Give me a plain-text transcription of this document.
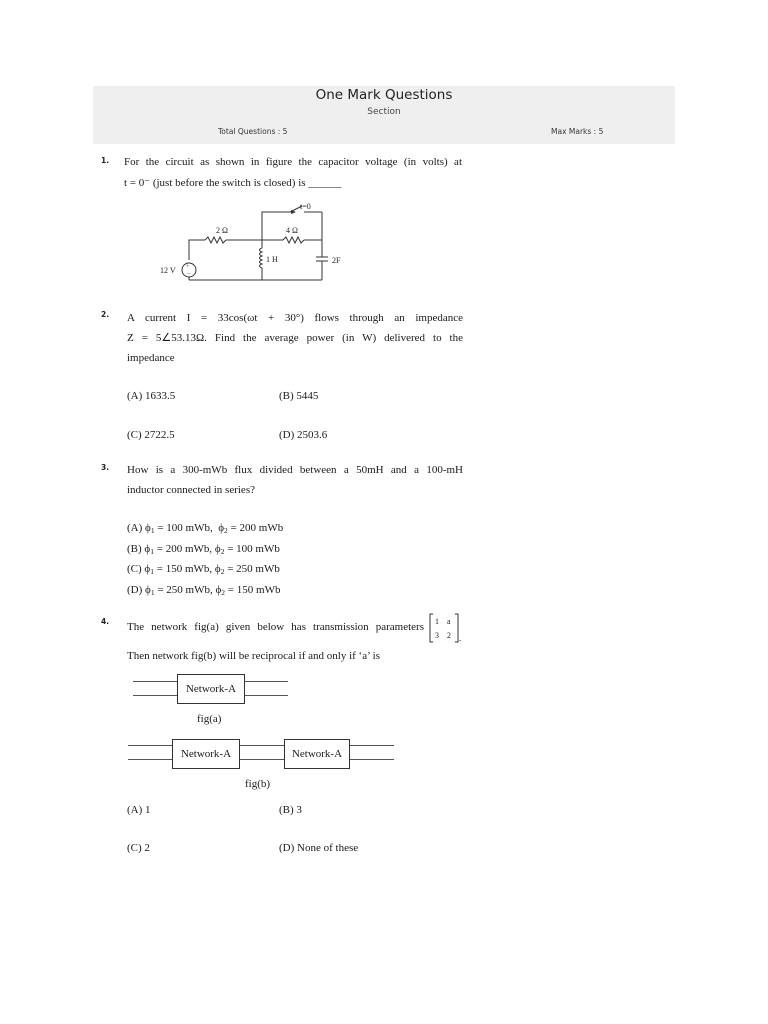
One Mark Questions
Section
Total Questions : 5	Max Marks : 5
1. For the circuit as shown in figure the capacitor voltage (in volts) at
t = 0⁻ (just before the switch is closed) is ______
+
−
t=0
2 Ω	4 Ω
1 H	2F
12 V
2. A current I = 33cos(ωt + 30°) flows through an impedance
Z = 5∠53.13Ω. Find the average power (in W) delivered to the
impedance
(A) 1633.5	(B) 5445
(C) 2722.5	(D) 2503.6
3. How is a 300-mWb flux divided between a 50mH and a 100-mH
inductor connected in series?
(A) $\phi_1 = 100$ mWb,  $\phi_2 = 200$ mWb
(B) $\phi_1 = 200$ mWb, $\phi_2 = 100$ mWb
(C) $\phi_1 = 150$ mWb, $\phi_2 = 250$ mWb
(D) $\phi_1 = 250$ mWb, $\phi_2 = 150$ mWb
4. The network fig(a) given below has transmission parameters 1 a
3 2 .
Then network fig(b) will be reciprocal if and only if ‘a’ is
Network-A
fig(a)
Network-A	Network-A
fig(b)
(A) 1	(B) 3
(C) 2	(D) None of these
